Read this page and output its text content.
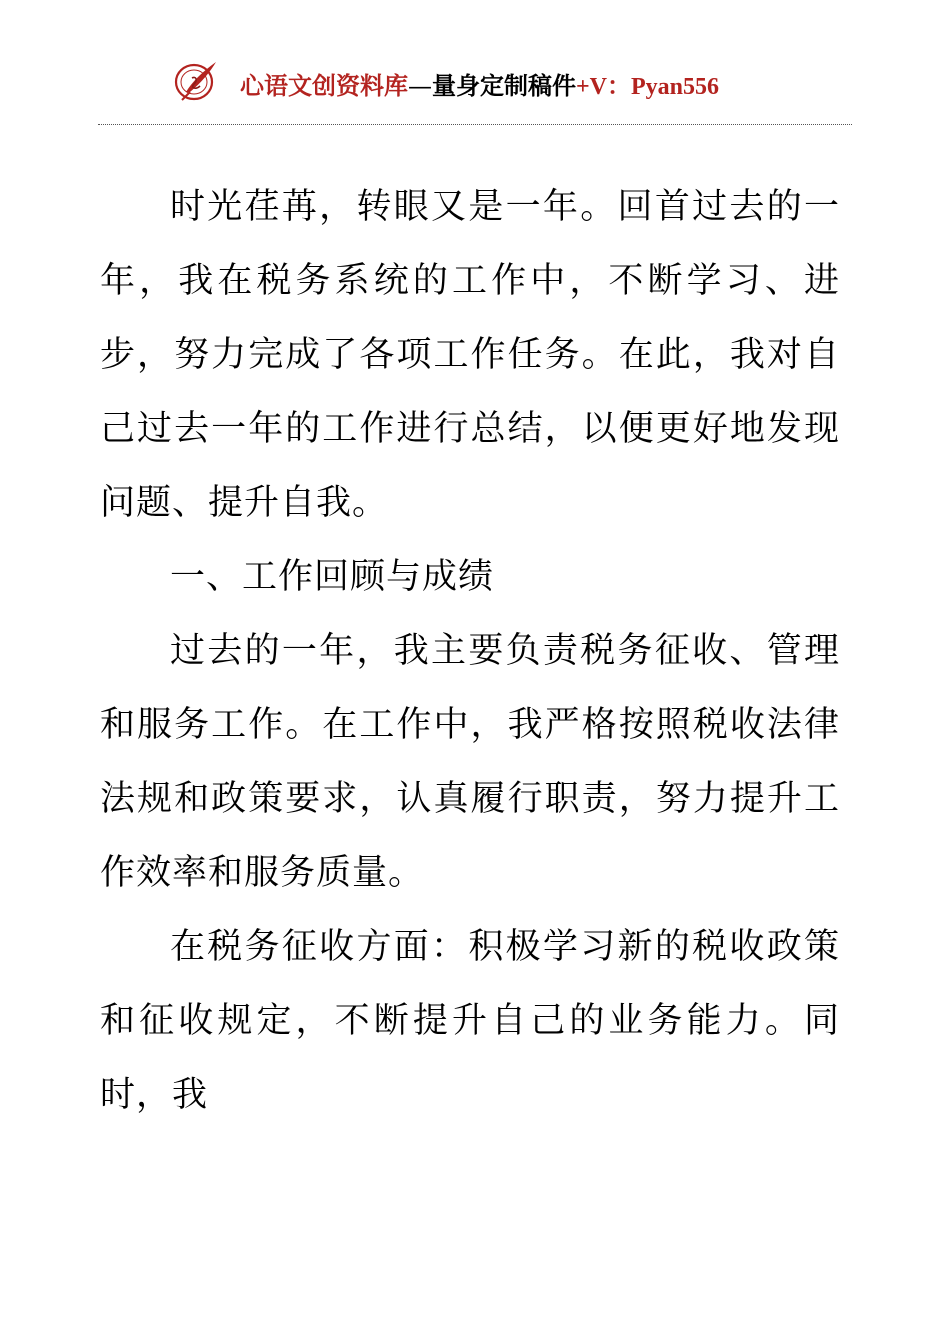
心语文创资料库—量身定制稿件+V：Pyan556

时光荏苒，转眼又是一年。回首过去的一年，我在税务系统的工作中，不断学习、进步，努力完成了各项工作任务。在此，我对自己过去一年的工作进行总结，以便更好地发现问题、提升自我。

一、工作回顾与成绩

过去的一年，我主要负责税务征收、管理和服务工作。在工作中，我严格按照税收法律法规和政策要求，认真履行职责，努力提升工作效率和服务质量。

在税务征收方面：积极学习新的税收政策和征收规定，不断提升自己的业务能力。同时，我
